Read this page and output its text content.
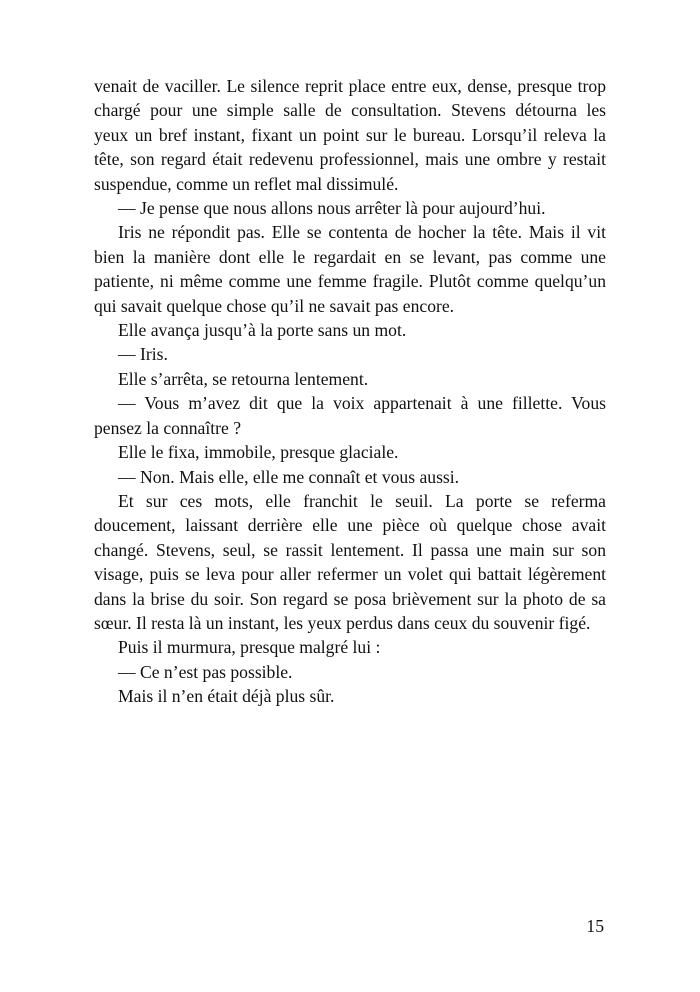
venait de vaciller. Le silence reprit place entre eux, dense, presque trop
chargé pour une simple salle de consultation. Stevens détourna les
yeux un bref instant, fixant un point sur le bureau. Lorsqu’il releva la
tête, son regard était redevenu professionnel, mais une ombre y restait
suspendue, comme un reflet mal dissimulé.
— Je pense que nous allons nous arrêter là pour aujourd’hui.
Iris ne répondit pas. Elle se contenta de hocher la tête. Mais il vit
bien la manière dont elle le regardait en se levant, pas comme une
patiente, ni même comme une femme fragile. Plutôt comme quelqu’un
qui savait quelque chose qu’il ne savait pas encore.
Elle avança jusqu’à la porte sans un mot.
— Iris.
Elle s’arrêta, se retourna lentement.
— Vous m’avez dit que la voix appartenait à une fillette. Vous
pensez la connaître ?
Elle le fixa, immobile, presque glaciale.
— Non. Mais elle, elle me connaît et vous aussi.
Et sur ces mots, elle franchit le seuil. La porte se referma
doucement, laissant derrière elle une pièce où quelque chose avait
changé. Stevens, seul, se rassit lentement. Il passa une main sur son
visage, puis se leva pour aller refermer un volet qui battait légèrement
dans la brise du soir. Son regard se posa brièvement sur la photo de sa
sœur. Il resta là un instant, les yeux perdus dans ceux du souvenir figé.
Puis il murmura, presque malgré lui :
— Ce n’est pas possible.
Mais il n’en était déjà plus sûr.
15
